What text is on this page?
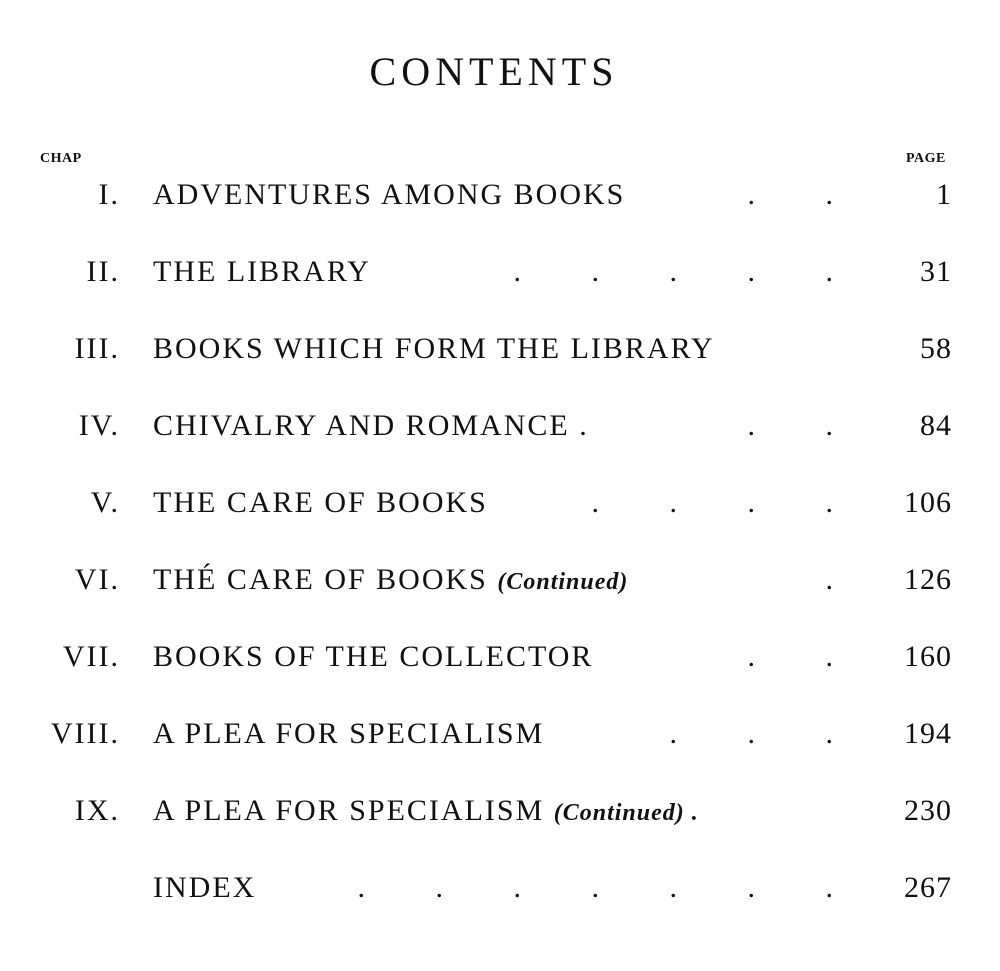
CONTENTS
CHAP	PAGE
I. ADVENTURES AMONG BOOKS	. .	1
II. THE LIBRARY	. . . . .	31
III. BOOKS WHICH FORM THE LIBRARY	58
IV. CHIVALRY AND ROMANCE .	. .	84
V. THE CARE OF BOOKS	. . . . 106
VI. THÉ CARE OF BOOKS (Continued)	. 126
VII. BOOKS OF THE COLLECTOR	. . 160
VIII. A PLEA FOR SPECIALISM	. . . 194
IX. A PLEA FOR SPECIALISM (Continued) .	230
INDEX	. . . . . . . 267
